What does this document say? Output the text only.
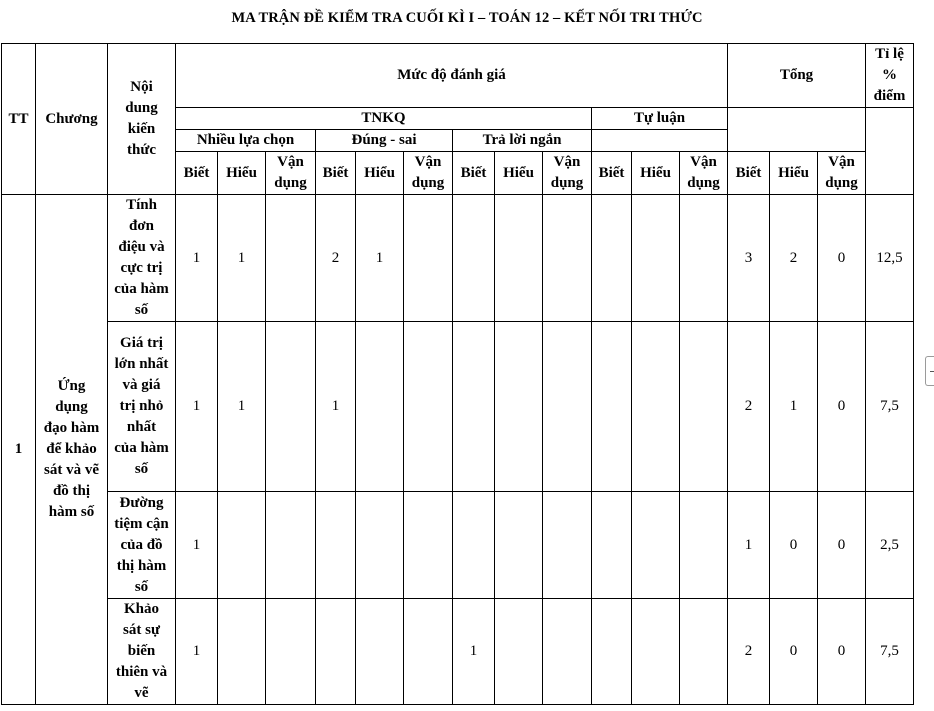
MA TRẬN ĐỀ KIỂM TRA CUỐI KÌ I – TOÁN 12 – KẾT NỐI TRI THỨC
TT	Chương	Nội dung kiến thức	Mức độ đánh giá												Tổng			Tỉ lệ % điểm
			TNKQ									Tự luận						
			Nhiều lựa chọn			Đúng - sai			Trả lời ngắn									
			Biết	Hiểu	Vận dụng	Biết	Hiểu	Vận dụng	Biết	Hiểu	Vận dụng	Biết	Hiểu	Vận dụng	Biết	Hiểu	Vận dụng	
1	Ứng dụng đạo hàm để khảo sát và vẽ đồ thị hàm số	Tính đơn điệu và cực trị của hàm số	1	1		2	1								3	2	0	12,5
		Giá trị lớn nhất và giá trị nhỏ nhất của hàm số	1	1		1									2	1	0	7,5
		Đường tiệm cận của đồ thị hàm số	1												1	0	0	2,5
		Khảo sát sự biến thiên và vẽ	1						1						2	0	0	7,5
